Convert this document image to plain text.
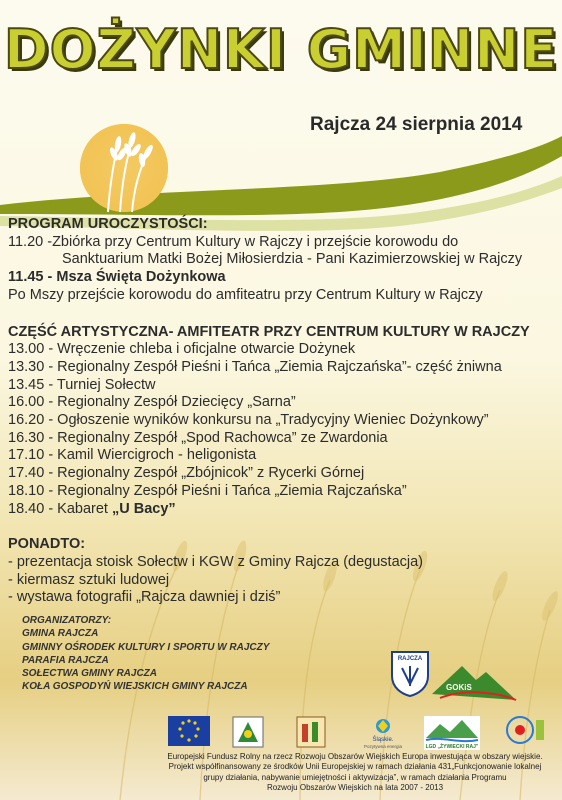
DOŻYNKI GMINNE
Rajcza 24 sierpnia 2014
PROGRAM UROCZYSTOŚCI:
11.20 -Zbiórka przy Centrum Kultury w Rajczy i przejście korowodu do
Sanktuarium Matki Bożej Miłosierdzia - Pani Kazimierzowskiej w Rajczy
11.45 - Msza Święta Dożynkowa
Po Mszy przejście korowodu do amfiteatru przy Centrum Kultury w Rajczy
CZĘŚĆ ARTYSTYCZNA- AMFITEATR PRZY CENTRUM KULTURY W RAJCZY
13.00 - Wręczenie chleba i oficjalne otwarcie Dożynek
13.30 - Regionalny Zespół Pieśni i Tańca „Ziemia Rajczańska”- część żniwna
13.45 - Turniej Sołectw
16.00 - Regionalny Zespół Dziecięcy „Sarna”
16.20 - Ogłoszenie wyników konkursu na „Tradycyjny Wieniec Dożynkowy”
16.30 - Regionalny Zespół „Spod Rachowca” ze Zwardonia
17.10 - Kamil Wiercigroch - heligonista
17.40 - Regionalny Zespół „Zbójnicok” z Rycerki Górnej
18.10 - Regionalny Zespół Pieśni i Tańca „Ziemia Rajczańska”
18.40 - Kabaret „U Bacy”
PONADTO:
- prezentacja stoisk Sołectw i KGW z Gminy Rajcza (degustacja)
- kiermasz sztuki ludowej
- wystawa fotografii „Rajcza dawniej i dziś”
ORGANIZATORZY:
GMINA RAJCZA
GMINNY OŚRODEK KULTURY I SPORTU W RAJCZY
PARAFIA RAJCZA
SOŁECTWA GMINY RAJCZA
KOŁA GOSPODYŃ WIEJSKICH GMINY RAJCZA
RAJCZA
GOKiS
Śląskie.
Pozytywna energia	LGD „ŻYWIECKI RAJ”
Europejski Fundusz Rolny na rzecz Rozwoju Obszarów Wiejskich Europa inwestująca w obszary wiejskie.
Projekt współfinansowany ze środków Unii Europejskiej w ramach działania 431„Funkcjonowanie lokalnej
grupy działania, nabywanie umiejętności i aktywizacja”, w ramach działania Programu
Rozwoju Obszarów Wiejskich na lata 2007 - 2013
